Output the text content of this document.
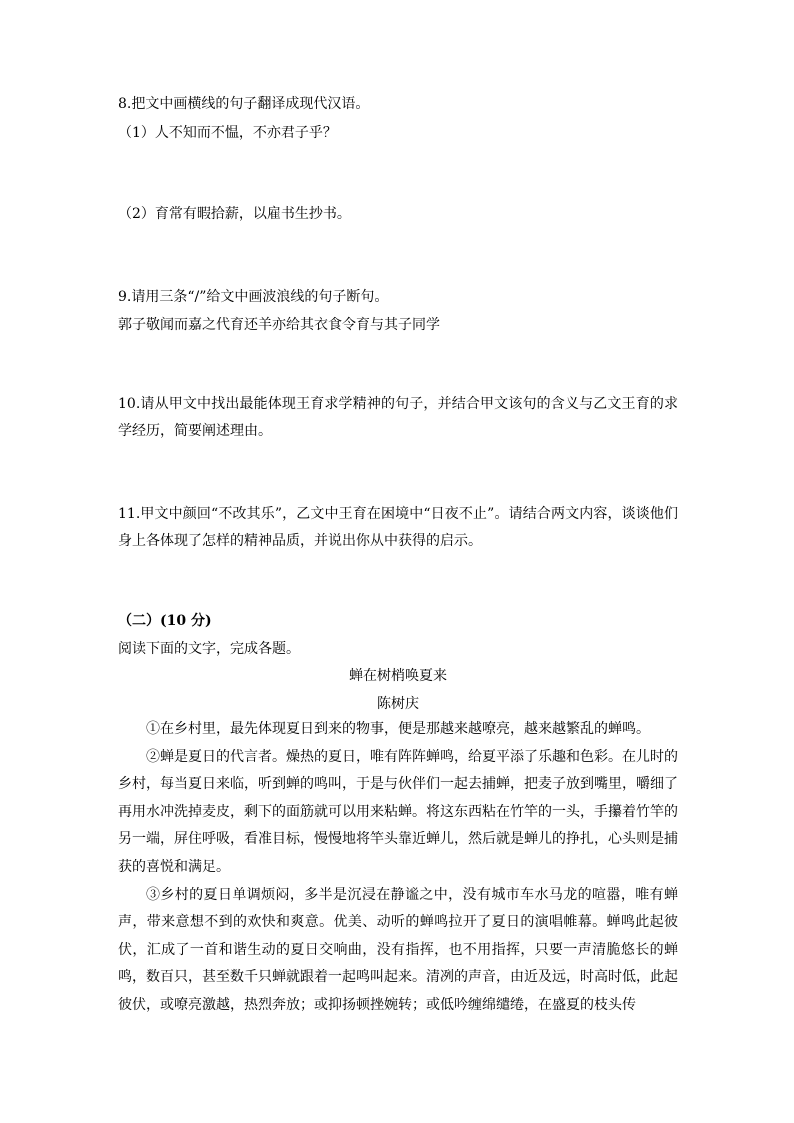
8.把文中画横线的句子翻译成现代汉语。
（1）人不知而不愠，不亦君子乎？
（2）育常有暇拾薪，以雇书生抄书。
9.请用三条“/”给文中画波浪线的句子断句。
郭子敬闻而嘉之代育还羊亦给其衣食令育与其子同学
10.请从甲文中找出最能体现王育求学精神的句子，并结合甲文该句的含义与乙文王育的求学经历，简要阐述理由。
11.甲文中颜回“不改其乐”，乙文中王育在困境中“日夜不止”。请结合两文内容，谈谈他们身上各体现了怎样的精神品质，并说出你从中获得的启示。
（二）(10 分)
阅读下面的文字，完成各题。
蝉在树梢唤夏来
陈树庆
①在乡村里，最先体现夏日到来的物事，便是那越来越嘹亮，越来越繁乱的蝉鸣。
②蝉是夏日的代言者。燥热的夏日，唯有阵阵蝉鸣，给夏平添了乐趣和色彩。在儿时的乡村，每当夏日来临，听到蝉的鸣叫，于是与伙伴们一起去捕蝉，把麦子放到嘴里，嚼细了再用水冲洗掉麦皮，剩下的面筋就可以用来粘蝉。将这东西粘在竹竿的一头，手攥着竹竿的另一端，屏住呼吸，看准目标，慢慢地将竿头靠近蝉儿，然后就是蝉儿的挣扎，心头则是捕获的喜悦和满足。
③乡村的夏日单调烦闷，多半是沉浸在静谧之中，没有城市车水马龙的喧嚣，唯有蝉声，带来意想不到的欢快和爽意。优美、动听的蝉鸣拉开了夏日的演唱帷幕。蝉鸣此起彼伏，汇成了一首和谐生动的夏日交响曲，没有指挥，也不用指挥，只要一声清脆悠长的蝉鸣，数百只，甚至数千只蝉就跟着一起鸣叫起来。清冽的声音，由近及远，时高时低，此起彼伏，或嘹亮激越，热烈奔放；或抑扬顿挫婉转；或低吟缠绵缱绻，在盛夏的枝头传
